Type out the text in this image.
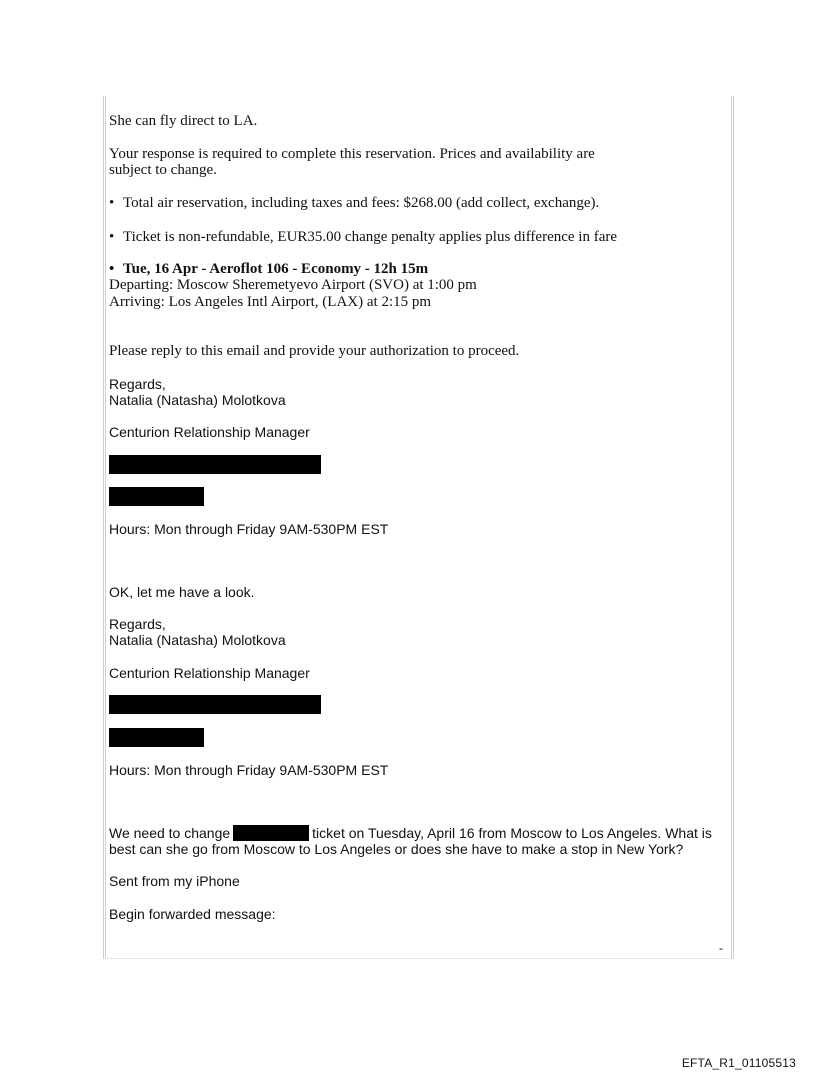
She can fly direct to LA.
Your response is required to complete this reservation. Prices and availability are
subject to change.
• Total air reservation, including taxes and fees: $268.00 (add collect, exchange).
• Ticket is non-refundable, EUR35.00 change penalty applies plus difference in fare
• Tue, 16 Apr - Aeroflot 106 - Economy - 12h 15m
Departing: Moscow Sheremetyevo Airport (SVO) at 1:00 pm
Arriving: Los Angeles Intl Airport, (LAX) at 2:15 pm
Please reply to this email and provide your authorization to proceed.
Regards,
Natalia (Natasha) Molotkova
Centurion Relationship Manager
Hours: Mon through Friday 9AM-530PM EST
OK, let me have a look.
Regards,
Natalia (Natasha) Molotkova
Centurion Relationship Manager
Hours: Mon through Friday 9AM-530PM EST
We need to change	ticket on Tuesday, April 16 from Moscow to Los Angeles. What is
best can she go from Moscow to Los Angeles or does she have to make a stop in New York?
Sent from my iPhone
Begin forwarded message:
-
EFTA_R1_01105513
